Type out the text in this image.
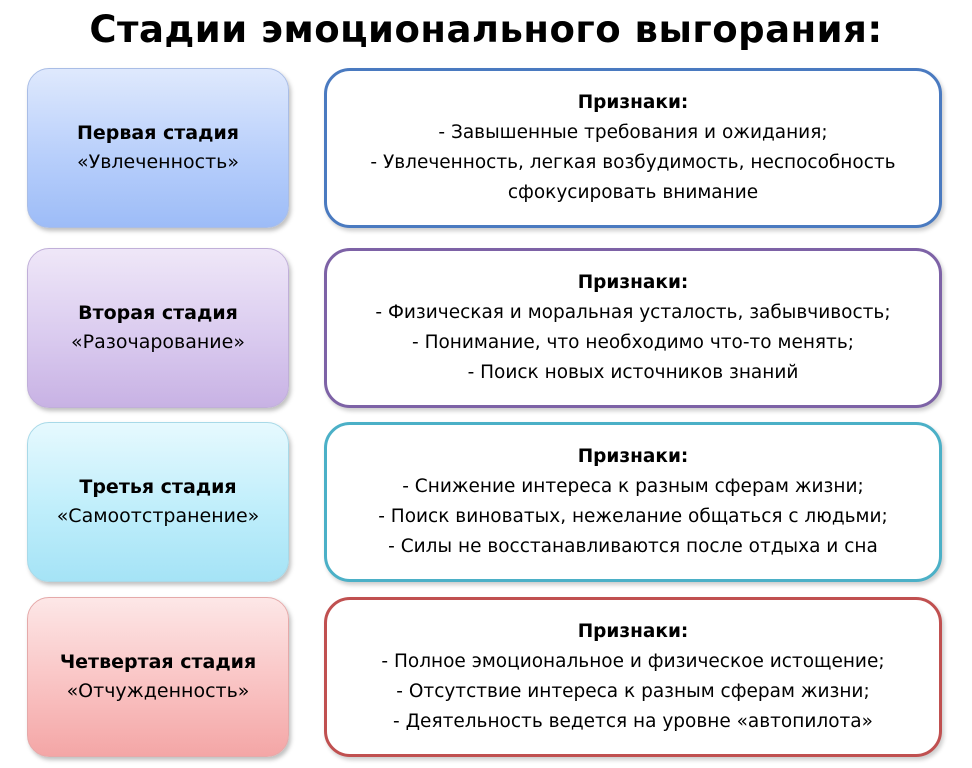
Стадии эмоционального выгорания:
Первая стадия
«Увлеченность»
Признаки:
- Завышенные требования и ожидания;
- Увлеченность, легкая возбудимость, неспособность
сфокусировать внимание
Вторая стадия
«Разочарование»
Признаки:
- Физическая и моральная усталость, забывчивость;
- Понимание, что необходимо что-то менять;
- Поиск новых источников знаний
Третья стадия
«Самоотстранение»
Признаки:
- Снижение интереса к разным сферам жизни;
- Поиск виноватых, нежелание общаться с людьми;
- Силы не восстанавливаются после отдыха и сна
Четвертая стадия
«Отчужденность»
Признаки:
- Полное эмоциональное и физическое истощение;
- Отсутствие интереса к разным сферам жизни;
- Деятельность ведется на уровне «автопилота»
